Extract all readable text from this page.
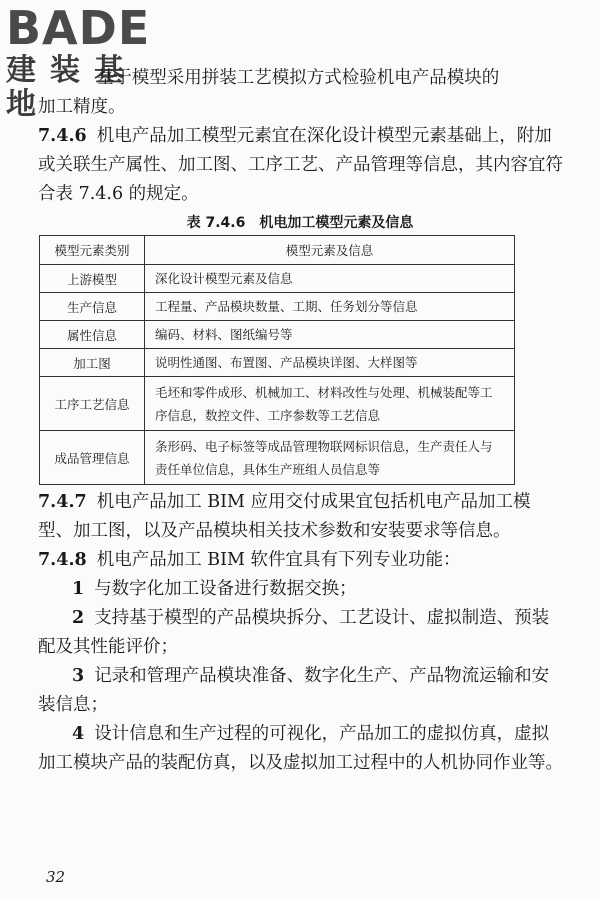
BADE
建装基地
基于模型采用拼装工艺模拟方式检验机电产品模块的
加工精度。
7.4.6 机电产品加工模型元素宜在深化设计模型元素基础上，附加或关联生产属性、加工图、工序工艺、产品管理等信息，其内容宜符合表 7.4.6 的规定。
表 7.4.6 机电加工模型元素及信息
模型元素类别	模型元素及信息
上游模型	深化设计模型元素及信息
生产信息	工程量、产品模块数量、工期、任务划分等信息
属性信息	编码、材料、图纸编号等
加工图	说明性通图、布置图、产品模块详图、大样图等
工序工艺信息	毛坯和零件成形、机械加工、材料改性与处理、机械装配等工序信息，数控文件、工序参数等工艺信息
成品管理信息	条形码、电子标签等成品管理物联网标识信息，生产责任人与责任单位信息，具体生产班组人员信息等
7.4.7 机电产品加工 BIM 应用交付成果宜包括机电产品加工模型、加工图，以及产品模块相关技术参数和安装要求等信息。
7.4.8 机电产品加工 BIM 软件宜具有下列专业功能：
1 与数字化加工设备进行数据交换；
2 支持基于模型的产品模块拆分、工艺设计、虚拟制造、预装配及其性能评价；
3 记录和管理产品模块准备、数字化生产、产品物流运输和安装信息；
4 设计信息和生产过程的可视化，产品加工的虚拟仿真，虚拟加工模块产品的装配仿真，以及虚拟加工过程中的人机协同作业等。
32
